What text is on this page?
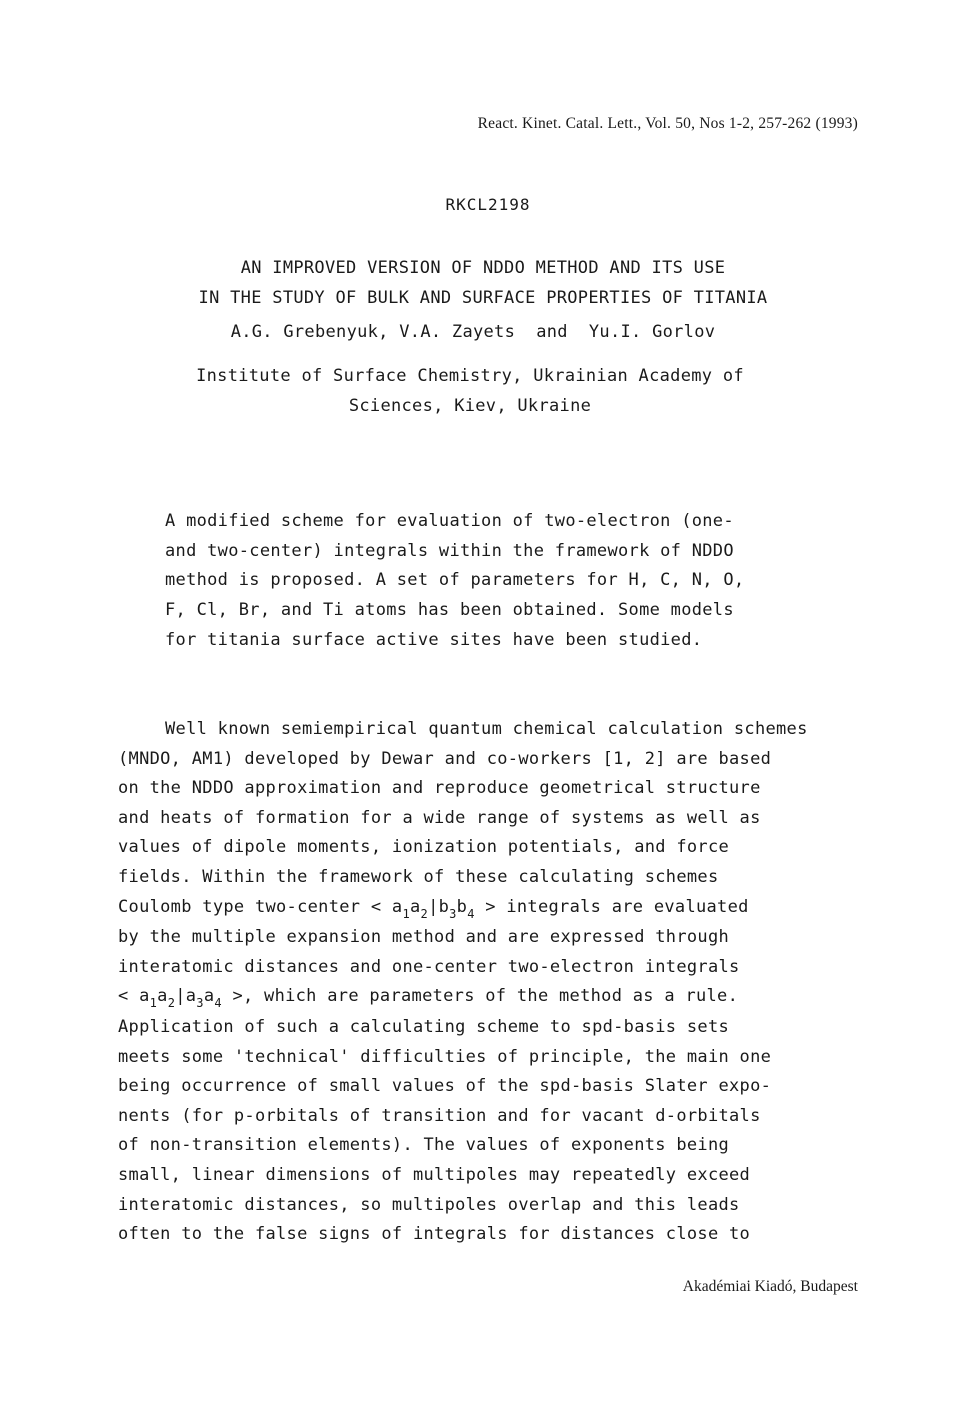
React. Kinet. Catal. Lett., Vol. 50, Nos 1-2, 257-262 (1993)
RKCL2198
AN IMPROVED VERSION OF NDDO METHOD AND ITS USE
IN THE STUDY OF BULK AND SURFACE PROPERTIES OF TITANIA
A.G. Grebenyuk, V.A. Zayets  and  Yu.I. Gorlov
Institute of Surface Chemistry, Ukrainian Academy of
Sciences, Kiev, Ukraine
A modified scheme for evaluation of two-electron (one-
and two-center) integrals within the framework of NDDO
method is proposed. A set of parameters for H, C, N, O,
F, Cl, Br, and Ti atoms has been obtained. Some models
for titania surface active sites have been studied.
Well known semiempirical quantum chemical calculation schemes
(MNDO, AM1) developed by Dewar and co-workers [1, 2] are based
on the NDDO approximation and reproduce geometrical structure
and heats of formation for a wide range of systems as well as
values of dipole moments, ionization potentials, and force
fields. Within the framework of these calculating schemes
Coulomb type two-center < $a_1a_2|b_3b_4$ > integrals are evaluated
by the multiple expansion method and are expressed through
interatomic distances and one-center two-electron integrals
< $a_1a_2|a_3a_4$ >, which are parameters of the method as a rule.
Application of such a calculating scheme to spd-basis sets
meets some 'technical' difficulties of principle, the main one
being occurrence of small values of the spd-basis Slater expo-
nents (for p-orbitals of transition and for vacant d-orbitals
of non-transition elements). The values of exponents being
small, linear dimensions of multipoles may repeatedly exceed
interatomic distances, so multipoles overlap and this leads
often to the false signs of integrals for distances close to
Akadémiai Kiadó, Budapest
